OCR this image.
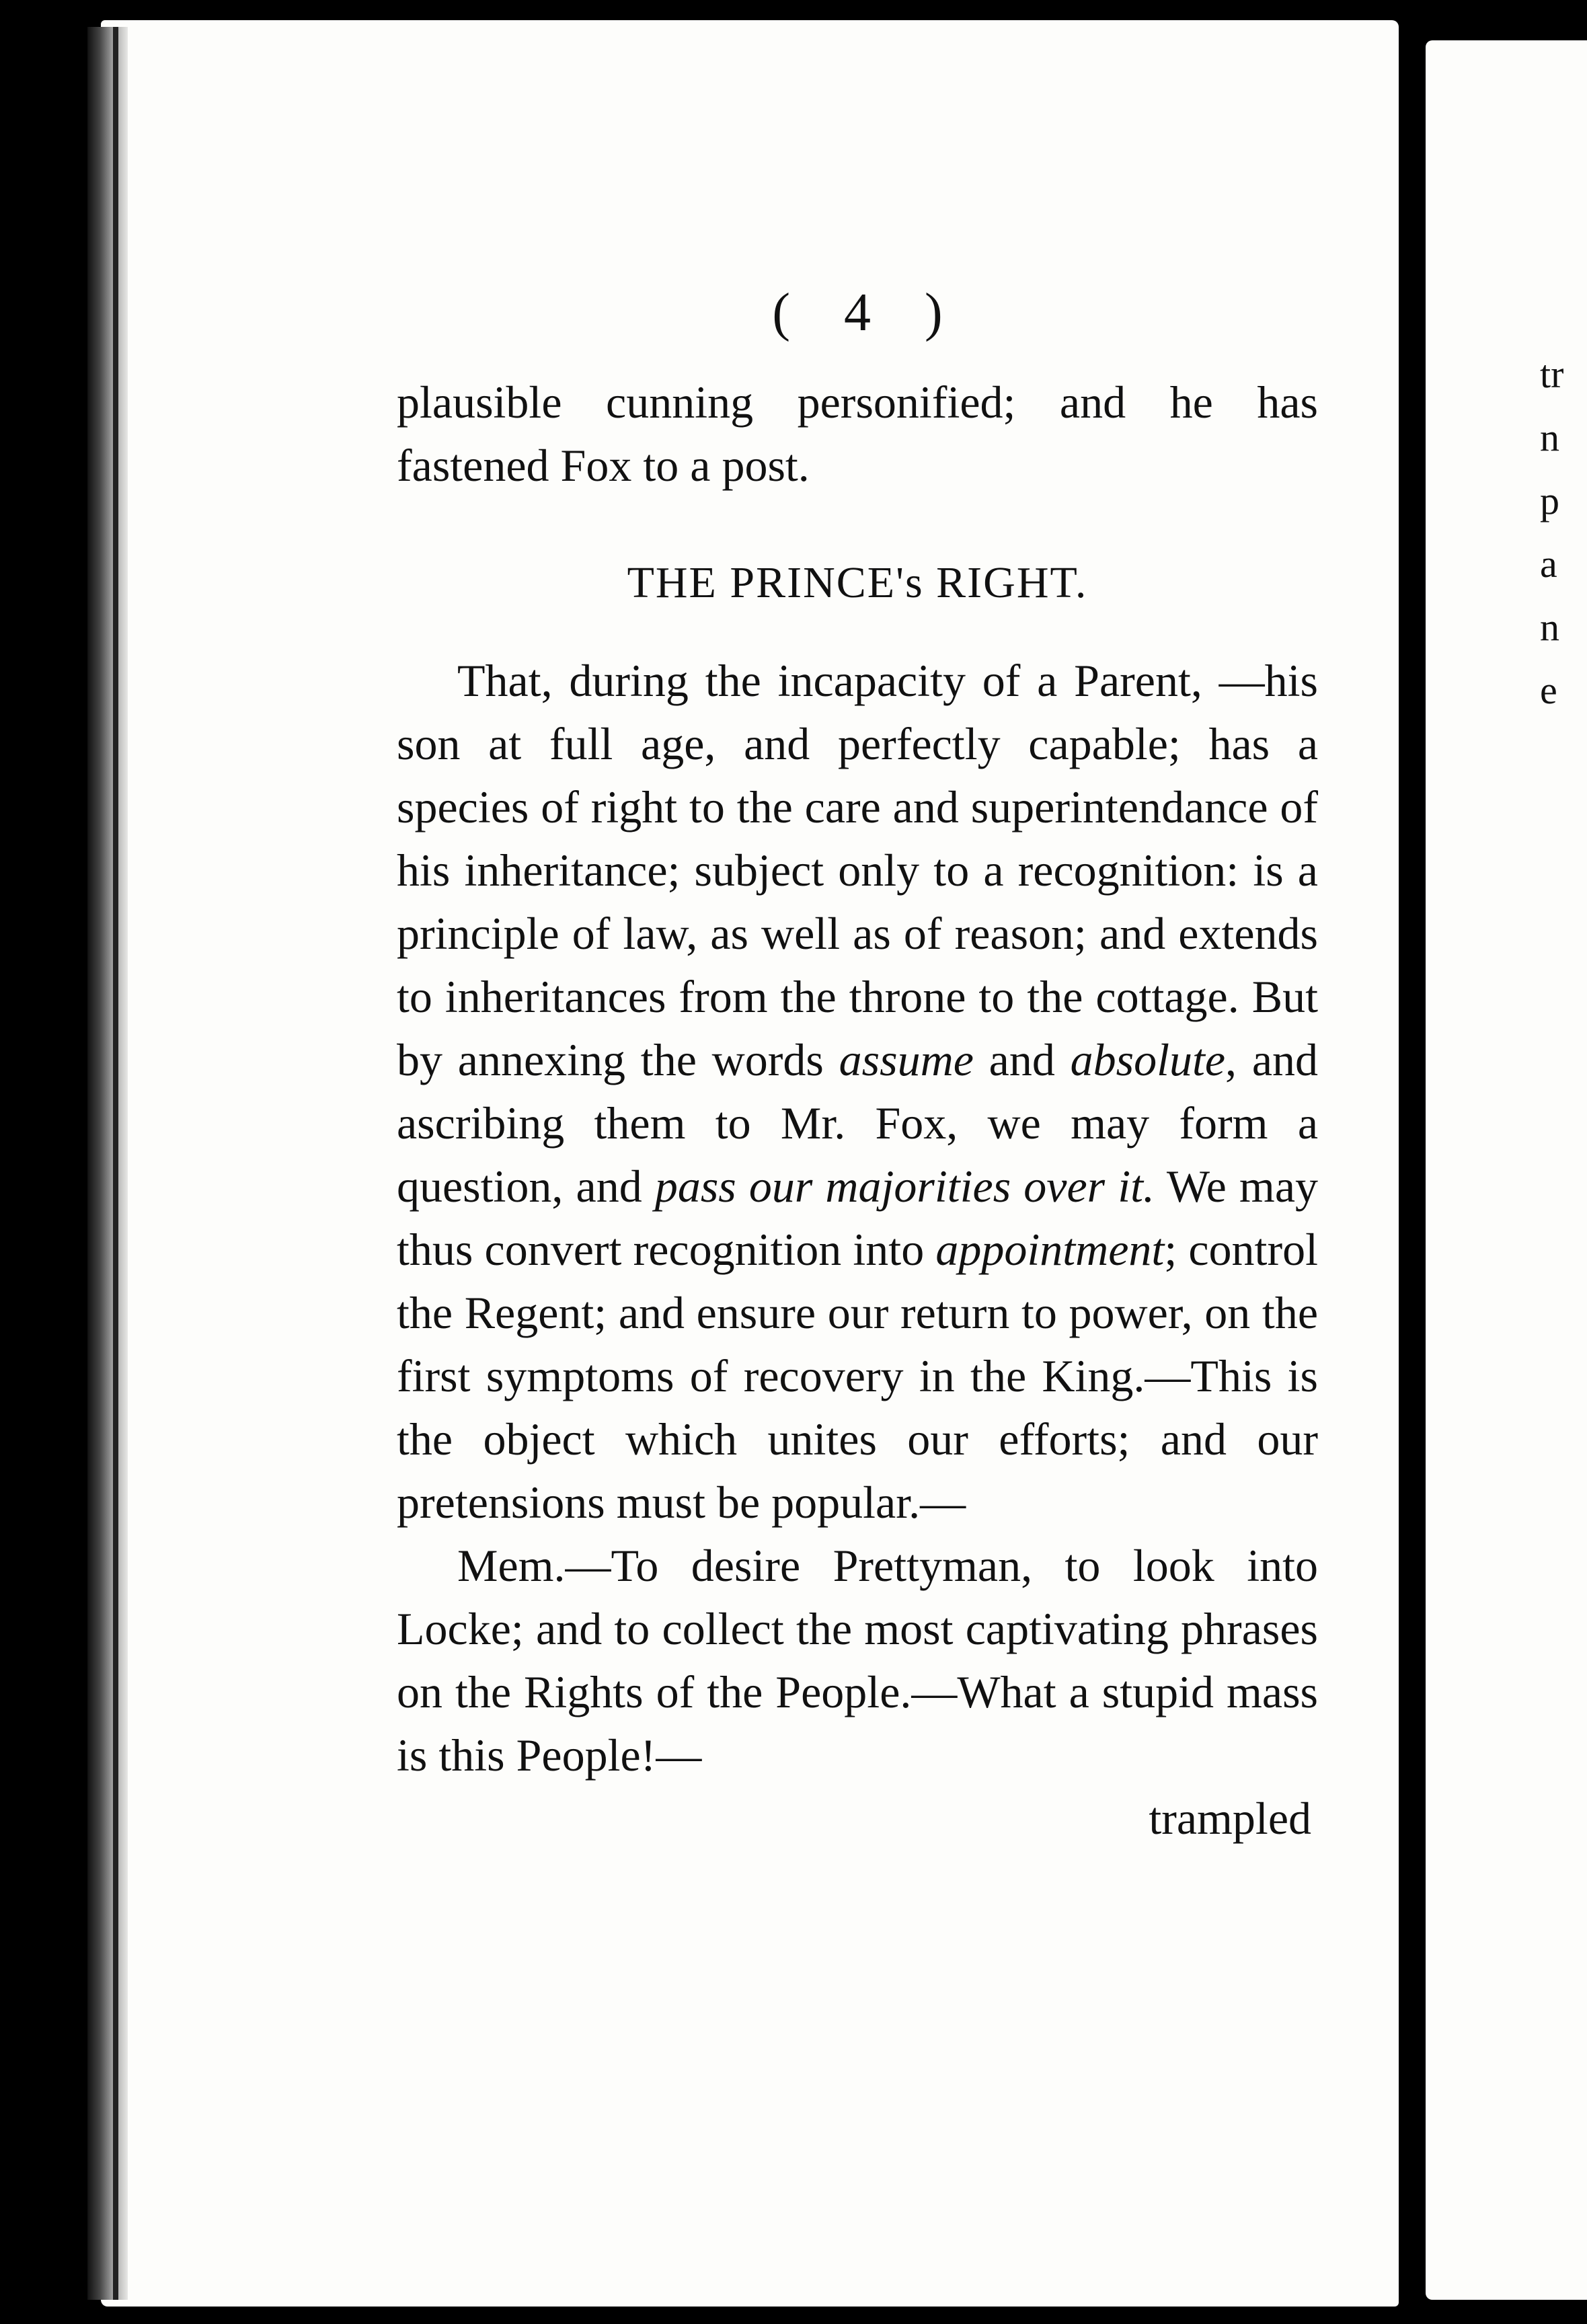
tr
n
p
a
n
e
( 4 )

plausible cunning personified; and he has fastened Fox to a post.

THE PRINCE's RIGHT.

That, during the incapacity of a Parent, —his son at full age, and perfectly capable; has a species of right to the care and superintendance of his inheritance; subject only to a recognition: is a principle of law, as well as of reason; and extends to inheritances from the throne to the cottage. But by annexing the words assume and absolute, and ascribing them to Mr. Fox, we may form a question, and pass our majorities over it. We may thus convert recognition into appointment; control the Regent; and ensure our return to power, on the first symptoms of recovery in the King.—This is the object which unites our efforts; and our pretensions must be popular.—

Mem.—To desire Prettyman, to look into Locke; and to collect the most captivating phrases on the Rights of the People.—What a stupid mass is this People!—

trampled
